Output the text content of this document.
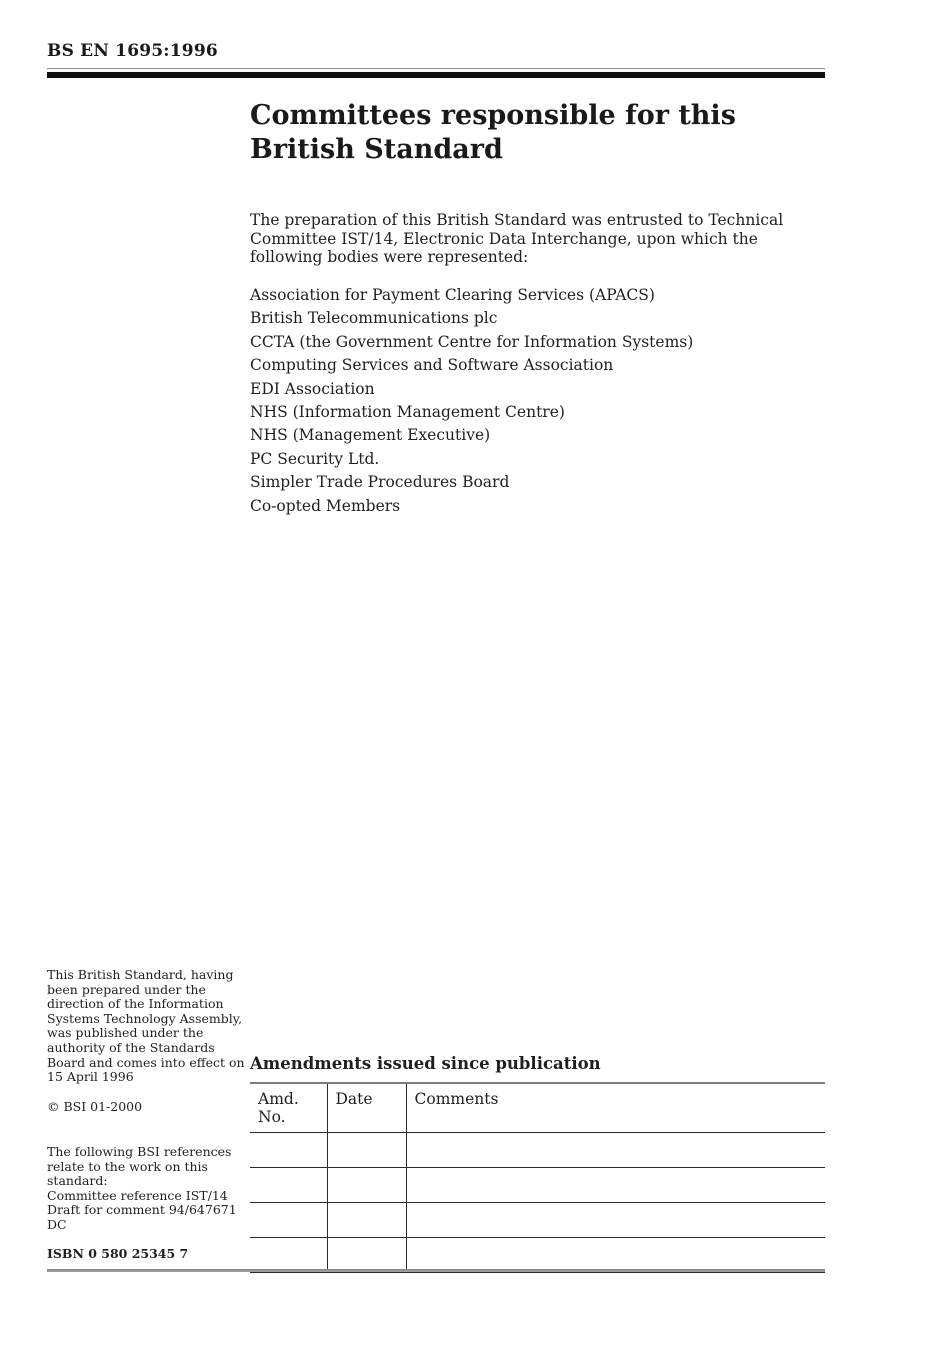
BS EN 1695:1996
Committees responsible for this
British Standard
The preparation of this British Standard was entrusted to Technical Committee IST/14, Electronic Data Interchange, upon which the following bodies were represented:
Association for Payment Clearing Services (APACS)
British Telecommunications plc
CCTA (the Government Centre for Information Systems)
Computing Services and Software Association
EDI Association
NHS (Information Management Centre)
NHS (Management Executive)
PC Security Ltd.
Simpler Trade Procedures Board
Co-opted Members
This British Standard, having
been prepared under the
direction of the Information
Systems Technology Assembly,
was published under the
authority of the Standards
Board and comes into effect on
15 April 1996
© BSI 01-2000
The following BSI references
relate to the work on this
standard:
Committee reference IST/14
Draft for comment 94/647671 DC
ISBN 0 580 25345 7
Amendments issued since publication
Amd. No.	Date	Comments
